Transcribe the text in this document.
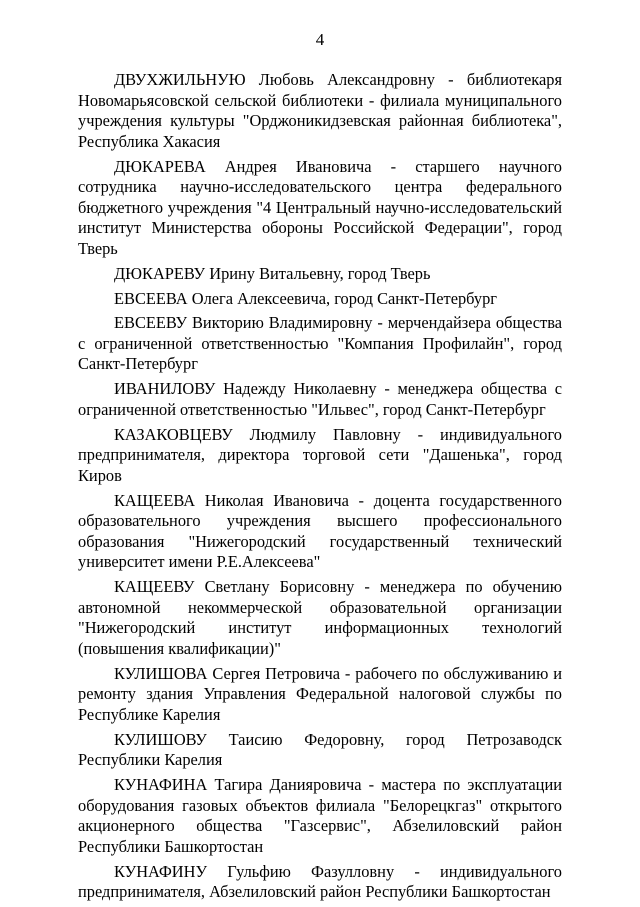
4

ДВУХЖИЛЬНУЮ Любовь Александровну - библиотекаря Новомарьясовской сельской библиотеки - филиала муниципального учреждения культуры "Орджоникидзевская районная библиотека", Республика Хакасия

ДЮКАРЕВА Андрея Ивановича - старшего научного сотрудника научно-исследовательского центра федерального бюджетного учреждения "4 Центральный научно-исследовательский институт Министерства обороны Российской Федерации", город Тверь

ДЮКАРЕВУ Ирину Витальевну, город Тверь

ЕВСЕЕВА Олега Алексеевича, город Санкт-Петербург

ЕВСЕЕВУ Викторию Владимировну - мерчендайзера общества с ограниченной ответственностью "Компания Профилайн", город Санкт-Петербург

ИВАНИЛОВУ Надежду Николаевну - менеджера общества с ограниченной ответственностью "Ильвес", город Санкт-Петербург

КАЗАКОВЦЕВУ Людмилу Павловну - индивидуального предпринимателя, директора торговой сети "Дашенька", город Киров

КАЩЕЕВА Николая Ивановича - доцента государственного образовательного учреждения высшего профессионального образования "Нижегородский государственный технический университет имени Р.Е.Алексеева"

КАЩЕЕВУ Светлану Борисовну - менеджера по обучению автономной некоммерческой образовательной организации "Нижегородский институт информационных технологий (повышения квалификации)"

КУЛИШОВА Сергея Петровича - рабочего по обслуживанию и ремонту здания Управления Федеральной налоговой службы по Республике Карелия

КУЛИШОВУ Таисию Федоровну, город Петрозаводск Республики Карелия

КУНАФИНА Тагира Данияровича - мастера по эксплуатации оборудования газовых объектов филиала "Белорецкгаз" открытого акционерного общества "Газсервис", Абзелиловский район Республики Башкортостан

КУНАФИНУ Гульфию Фазулловну - индивидуального предпринимателя, Абзелиловский район Республики Башкортостан
